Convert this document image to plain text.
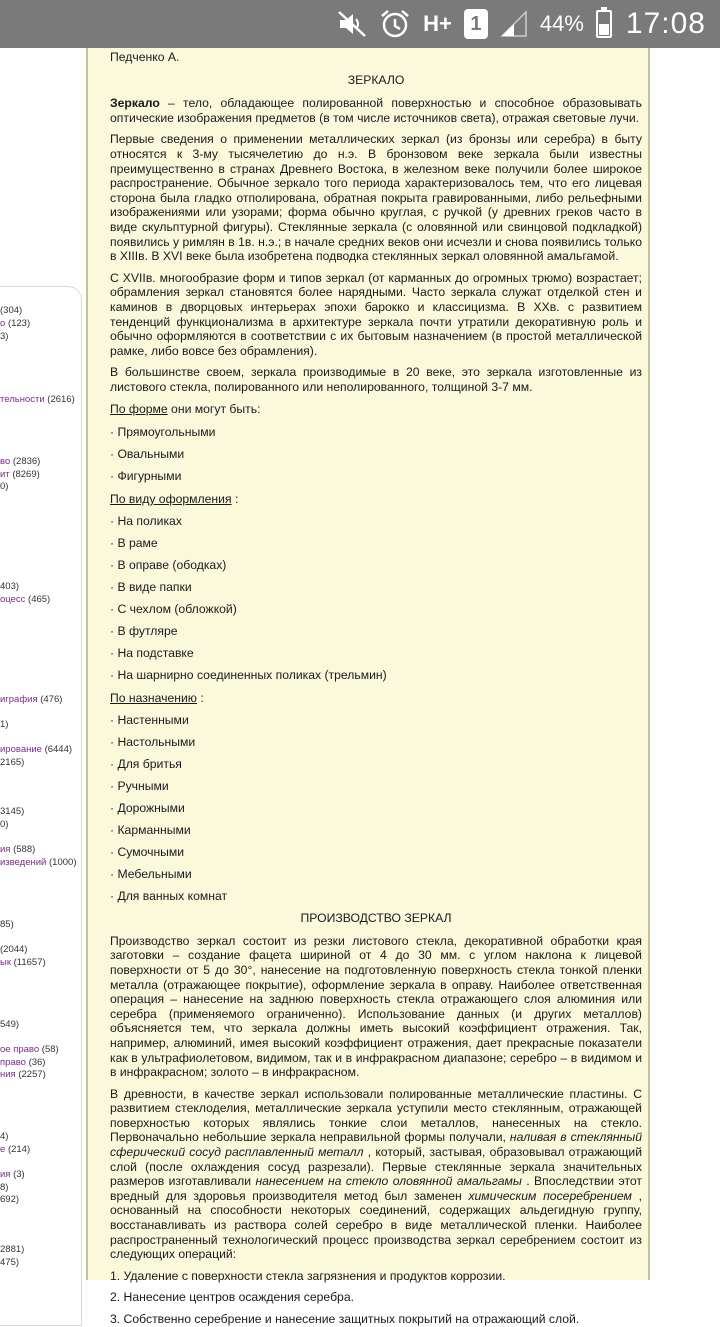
H+ 1	44% 17:08
(304)
о (123)
3)
тельности (2616)
во (2836)
ит (8269)
0)
403)
оцесс (465)
играфия (476)
1)
ирование (6444)
2165)
3145)
0)
ия (588)
изведений (1000)
85)
(2044)
ык (11657)
549)
ое право (58)
право (36)
ния (2257)
4)
е (214)
ия (3)
8)
692)
2881)
475)
Педченко А.
ЗЕРКАЛО

Зеркало – тело, обладающее полированной поверхностью и способное образовывать оптические изображения предметов (в том числе источников света), отражая световые лучи.

Первые сведения о применении металлических зеркал (из бронзы или серебра) в быту относятся к 3-му тысячелетию до н.э. В бронзовом веке зеркала были известны преимущественно в странах Древнего Востока, в железном веке получили более широкое распространение. Обычное зеркало того периода характеризовалось тем, что его лицевая сторона была гладко отполирована, обратная покрыта гравированными, либо рельефными изображениями или узорами; форма обычно круглая, с ручкой (у древних греков часто в виде скульптурной фигуры). Стеклянные зеркала (с оловянной или свинцовой подкладкой) появились у римлян в 1в. н.э.; в начале средних веков они исчезли и снова появились только в XIIIв. В XVI веке была изобретена подводка стеклянных зеркал оловянной амальгамой.

С XVIIв. многообразие форм и типов зеркал (от карманных до огромных трюмо) возрастает; обрамления зеркал становятся более нарядными. Часто зеркала служат отделкой стен и каминов в дворцовых интерьерах эпохи барокко и классицизма. В XXв. с развитием тенденций функционализма в архитектуре зеркала почти утратили декоративную роль и обычно оформляются в соответствии с их бытовым назначением (в простой металлической рамке, либо вовсе без обрамления).

В большинстве своем, зеркала производимые в 20 веке, это зеркала изготовленные из листового стекла, полированного или неполированного, толщиной 3-7 мм.

По форме они могут быть:
· Прямоугольными
· Овальными
· Фигурными
По виду оформления :
· На поликах
· В раме
· В оправе (ободках)
· В виде папки
· С чехлом (обложкой)
· В футляре
· На подставке
· На шарнирно соединенных поликах (трельмин)
По назначению :
· Настенными
· Настольными
· Для бритья
· Ручными
· Дорожными
· Карманными
· Сумочными
· Мебельными
· Для ванных комнат
ПРОИЗВОДСТВО ЗЕРКАЛ

Производство зеркал состоит из резки листового стекла, декоративной обработки края заготовки – создание фацета шириной от 4 до 30 мм. с углом наклона к лицевой поверхности от 5 до 30°, нанесение на подготовленную поверхность стекла тонкой пленки металла (отражающее покрытие), оформление зеркала в оправу. Наиболее ответственная операция – нанесение на заднюю поверхность стекла отражающего слоя алюминия или серебра (применяемого ограниченно). Использование данных (и других металлов) объясняется тем, что зеркала должны иметь высокий коэффициент отражения. Так, например, алюминий, имея высокий коэффициент отражения, дает прекрасные показатели как в ультрафиолетовом, видимом, так и в инфракрасном диапазоне; серебро – в видимом и в инфракрасном; золото – в инфракрасном.

В древности, в качестве зеркал использовали полированные металлические пластины. С развитием стеклоделия, металлические зеркала уступили место стеклянным, отражающей поверхностью которых являлись тонкие слои металлов, нанесенных на стекло. Первоначально небольшие зеркала неправильной формы получали, наливая в стеклянный сферический сосуд расплавленный металл , который, застывая, образовывал отражающий слой (после охлаждения сосуд разрезали). Первые стеклянные зеркала значительных размеров изготавливали нанесением на стекло оловянной амальгамы . Впоследствии этот вредный для здоровья производителя метод был заменен химическим посеребрением , основанный на способности некоторых соединений, содержащих альдегидную группу, восстанавливать из раствора солей серебро в виде металлической пленки. Наиболее распространенный технологический процесс производства зеркал серебрением состоит из следующих операций:

1. Удаление с поверхности стекла загрязнения и продуктов коррозии.
2. Нанесение центров осаждения серебра.
3. Собственно серебрение и нанесение защитных покрытий на отражающий слой.
